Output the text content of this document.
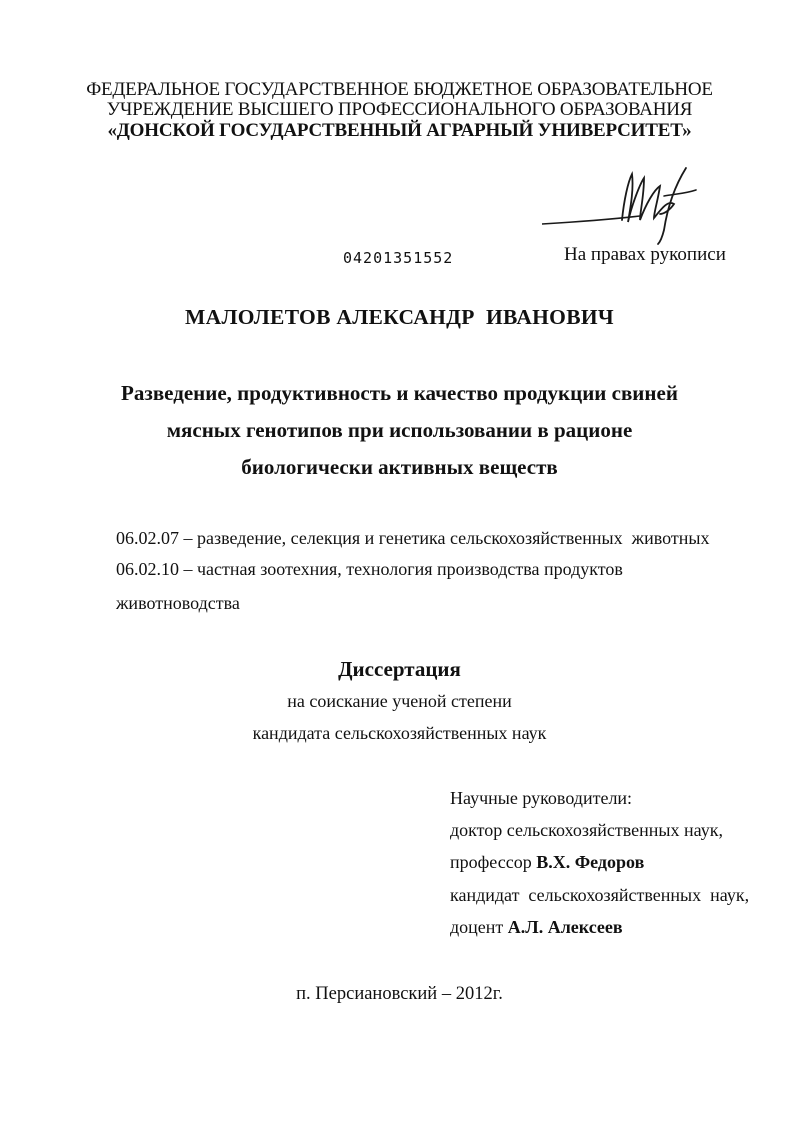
ФЕДЕРАЛЬНОЕ ГОСУДАРСТВЕННОЕ БЮДЖЕТНОЕ ОБРАЗОВАТЕЛЬНОЕ
УЧРЕЖДЕНИЕ ВЫСШЕГО ПРОФЕССИОНАЛЬНОГО ОБРАЗОВАНИЯ
«ДОНСКОЙ ГОСУДАРСТВЕННЫЙ АГРАРНЫЙ УНИВЕРСИТЕТ»
04201351552	На правах рукописи
МАЛОЛЕТОВ АЛЕКСАНДР  ИВАНОВИЧ
Разведение, продуктивность и качество продукции свиней
мясных генотипов при использовании в рационе
биологически активных веществ
06.02.07 – разведение, селекция и генетика сельскохозяйственных  животных
06.02.10 – частная зоотехния, технология производства продуктов
животноводства
Диссертация
на соискание ученой степени
кандидата сельскохозяйственных наук
Научные руководители:
доктор сельскохозяйственных наук,
профессор В.Х. Федоров
кандидат  сельскохозяйственных  наук,
доцент А.Л. Алексеев
п. Персиановский – 2012г.
